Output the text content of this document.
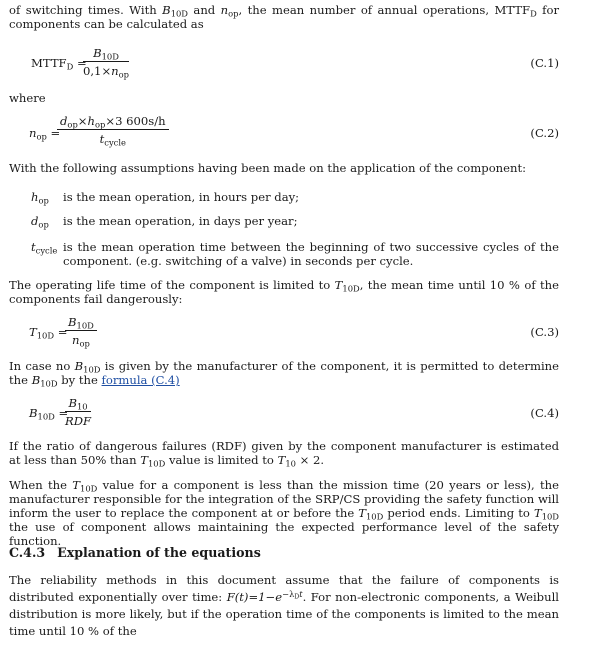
of switching times. With $B_{10D}$ and $n_{op}$, the mean number of annual operations, $MTTF_D$ for components can be calculated as
$MTTF_D$ =
$B_{10D}$
$0,1\times n_{op}$
(C.1)
where
$n_{op}$ =
$d_{op}\times h_{op}\times 3$ 600s/h
$t_{cycle}$
(C.2)
With the following assumptions having been made on the application of the component:
$h_{op}$ is the mean operation, in hours per day;
$d_{op}$ is the mean operation, in days per year;
$t_{cycle}$ is the mean operation time between the beginning of two successive cycles of the component. (e.g. switching of a valve) in seconds per cycle.
The operating life time of the component is limited to $T_{10D}$, the mean time until 10 % of the components fail dangerously:
$T_{10D}$ =
$B_{10D}$
$n_{op}$
(C.3)
In case no $B_{10D}$ is given by the manufacturer of the component, it is permitted to determine the $B_{10D}$ by the formula (C.4)
$B_{10D}$ =
$B_{10}$
RDF
(C.4)
If the ratio of dangerous failures (RDF) given by the component manufacturer is estimated at less than 50% than $T_{10D}$ value is limited to $T_{10} \times 2$.
When the $T_{10D}$ value for a component is less than the mission time (20 years or less), the manufacturer responsible for the integration of the SRP/CS providing the safety function will inform the user to replace the component at or before the $T_{10D}$ period ends. Limiting to $T_{10D}$ the use of component allows maintaining the expected performance level of the safety function.
C.4.3 Explanation of the equations
The reliability methods in this document assume that the failure of components is distributed exponentially over time: $F(t)=1-e^{-\lambda_Dt}$. For non-electronic components, a Weibull distribution is more likely, but if the operation time of the components is limited to the mean time until 10 % of the
